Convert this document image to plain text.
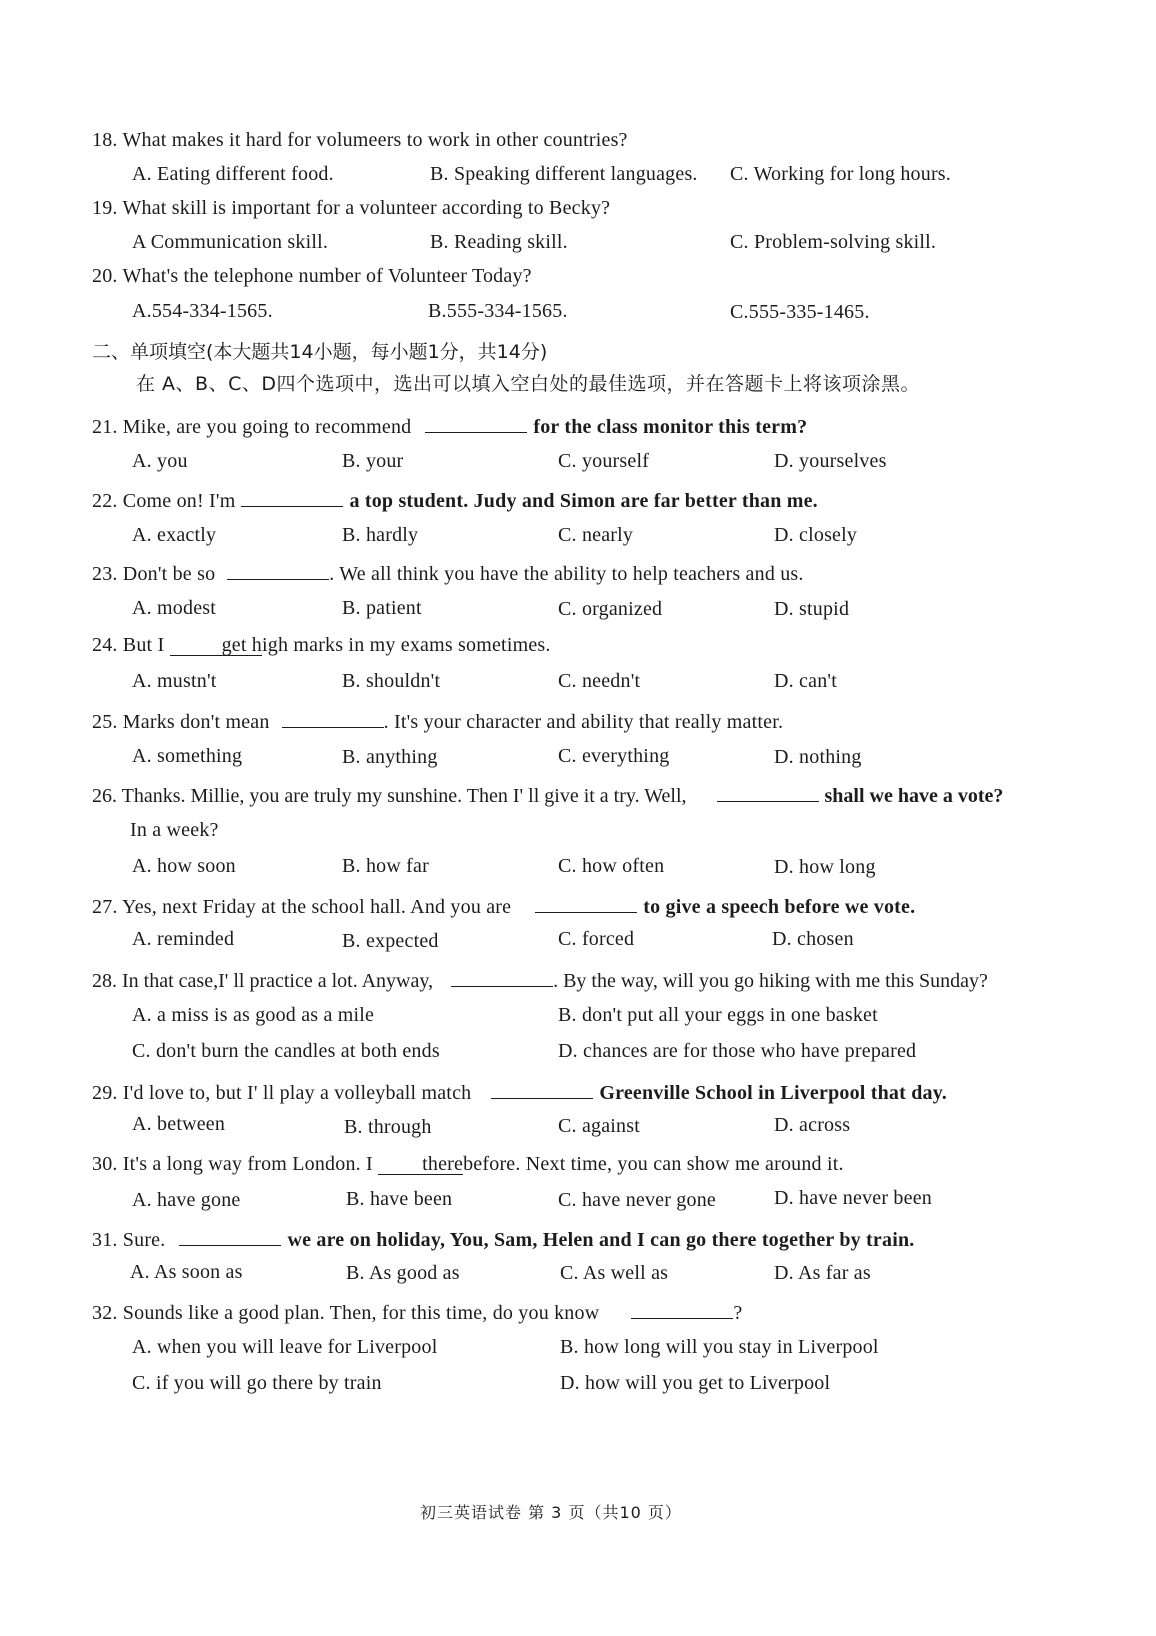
18. What makes it hard for volumeers to work in other countries?
A. Eating different food.	B. Speaking different languages. C. Working for long hours.
19. What skill is important for a volunteer according to Becky?
A Communication skill.	B. Reading skill.	C. Problem-solving skill.
20. What's the telephone number of Volunteer Today?
A.554-334-1565.	B.555-334-1565.	C.555-335-1465.
二、单项填空(本大题共14小题，每小题1分，共14分)
在 A、B、C、D四个选项中，选出可以填入空白处的最佳选项，并在答题卡上将该项涂黑。
21. Mike, are you going to recommend	for the class monitor this term?
A. you	B. your	C. yourself	D. yourselves
22. Come on! I'm	a top student. Judy and Simon are far better than me.
A. exactly	B. hardly	C. nearly	D. closely
23. Don't be so	. We all think you have the ability to help teachers and us.
A. modest	B. patient	C. organized	D. stupid
24. But I	get high marks in my exams sometimes.
A. mustn't	B. shouldn't	C. needn't	D. can't
25. Marks don't mean	. It's your character and ability that really matter.
A. something	B. anything	C. everything	D. nothing
26. Thanks. Millie, you are truly my sunshine. Then I' ll give it a try. Well,	shall we have a vote?
In a week?
A. how soon	B. how far	C. how often	D. how long
27. Yes, next Friday at the school hall. And you are	to give a speech before we vote.
A. reminded	B. expected	C. forced	D. chosen
28. In that case,I' ll practice a lot. Anyway,	. By the way, will you go hiking with me this Sunday?
A. a miss is as good as a mile	B. don't put all your eggs in one basket
C. don't burn the candles at both ends	D. chances are for those who have prepared
29. I'd love to, but I' ll play a volleyball match	Greenville School in Liverpool that day.
A. between	B. through	C. against	D. across
30. It's a long way from London. I therebefore. Next time, you can show me around it.
A. have gone	B. have been	C. have never gone	D. have never been
31. Sure.	we are on holiday, You, Sam, Helen and I can go there together by train.
A. As soon as	B. As good as	C. As well as	D. As far as
32. Sounds like a good plan. Then, for this time, do you know	?
A. when you will leave for Liverpool	B. how long will you stay in Liverpool
C. if you will go there by train	D. how will you get to Liverpool
初三英语试卷 第 3 页（共10 页）
